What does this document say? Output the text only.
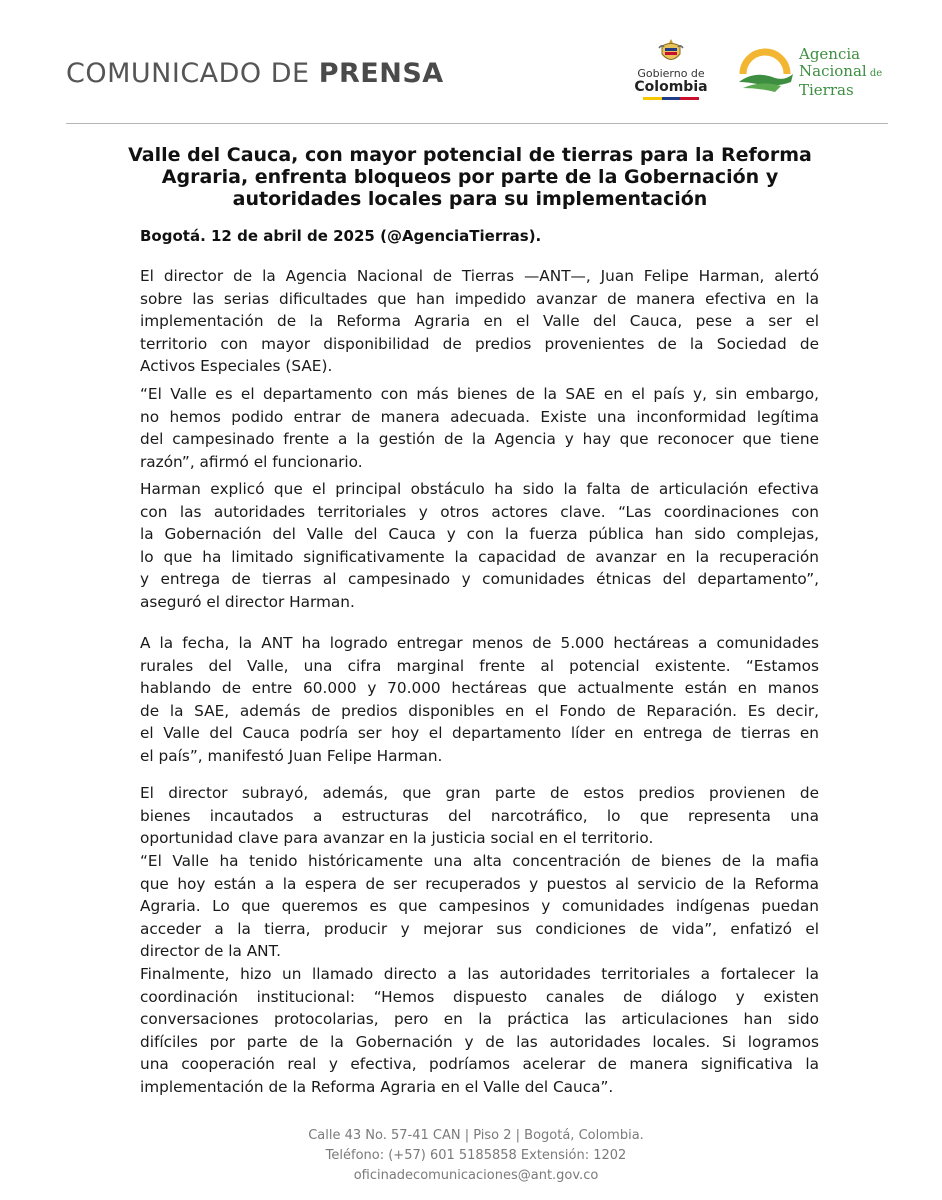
COMUNICADO DE PRENSA	Gobierno de
Colombia
Agencia
Nacional de
Tierras
Valle del Cauca, con mayor potencial de tierras para la Reforma Agraria, enfrenta bloqueos por parte de la Gobernación y autoridades locales para su implementación
Bogotá. 12 de abril de 2025 (@AgenciaTierras).
El director de la Agencia Nacional de Tierras —ANT—, Juan Felipe Harman, alertó
sobre las serias dificultades que han impedido avanzar de manera efectiva en la
implementación de la Reforma Agraria en el Valle del Cauca, pese a ser el
territorio con mayor disponibilidad de predios provenientes de la Sociedad de
Activos Especiales (SAE).
“El Valle es el departamento con más bienes de la SAE en el país y, sin embargo,
no hemos podido entrar de manera adecuada. Existe una inconformidad legítima
del campesinado frente a la gestión de la Agencia y hay que reconocer que tiene
razón”, afirmó el funcionario.
Harman explicó que el principal obstáculo ha sido la falta de articulación efectiva
con las autoridades territoriales y otros actores clave. “Las coordinaciones con
la Gobernación del Valle del Cauca y con la fuerza pública han sido complejas,
lo que ha limitado significativamente la capacidad de avanzar en la recuperación
y entrega de tierras al campesinado y comunidades étnicas del departamento”,
aseguró el director Harman.
A la fecha, la ANT ha logrado entregar menos de 5.000 hectáreas a comunidades
rurales del Valle, una cifra marginal frente al potencial existente. “Estamos
hablando de entre 60.000 y 70.000 hectáreas que actualmente están en manos
de la SAE, además de predios disponibles en el Fondo de Reparación. Es decir,
el Valle del Cauca podría ser hoy el departamento líder en entrega de tierras en
el país”, manifestó Juan Felipe Harman.
El director subrayó, además, que gran parte de estos predios provienen de
bienes incautados a estructuras del narcotráfico, lo que representa una
oportunidad clave para avanzar en la justicia social en el territorio.
“El Valle ha tenido históricamente una alta concentración de bienes de la mafia
que hoy están a la espera de ser recuperados y puestos al servicio de la Reforma
Agraria. Lo que queremos es que campesinos y comunidades indígenas puedan
acceder a la tierra, producir y mejorar sus condiciones de vida”, enfatizó el
director de la ANT.
Finalmente, hizo un llamado directo a las autoridades territoriales a fortalecer la
coordinación institucional: “Hemos dispuesto canales de diálogo y existen
conversaciones protocolarias, pero en la práctica las articulaciones han sido
difíciles por parte de la Gobernación y de las autoridades locales. Si logramos
una cooperación real y efectiva, podríamos acelerar de manera significativa la
implementación de la Reforma Agraria en el Valle del Cauca”.
Calle 43 No. 57-41 CAN | Piso 2 | Bogotá, Colombia.
Teléfono: (+57) 601 5185858 Extensión: 1202
oficinadecomunicaciones@ant.gov.co
